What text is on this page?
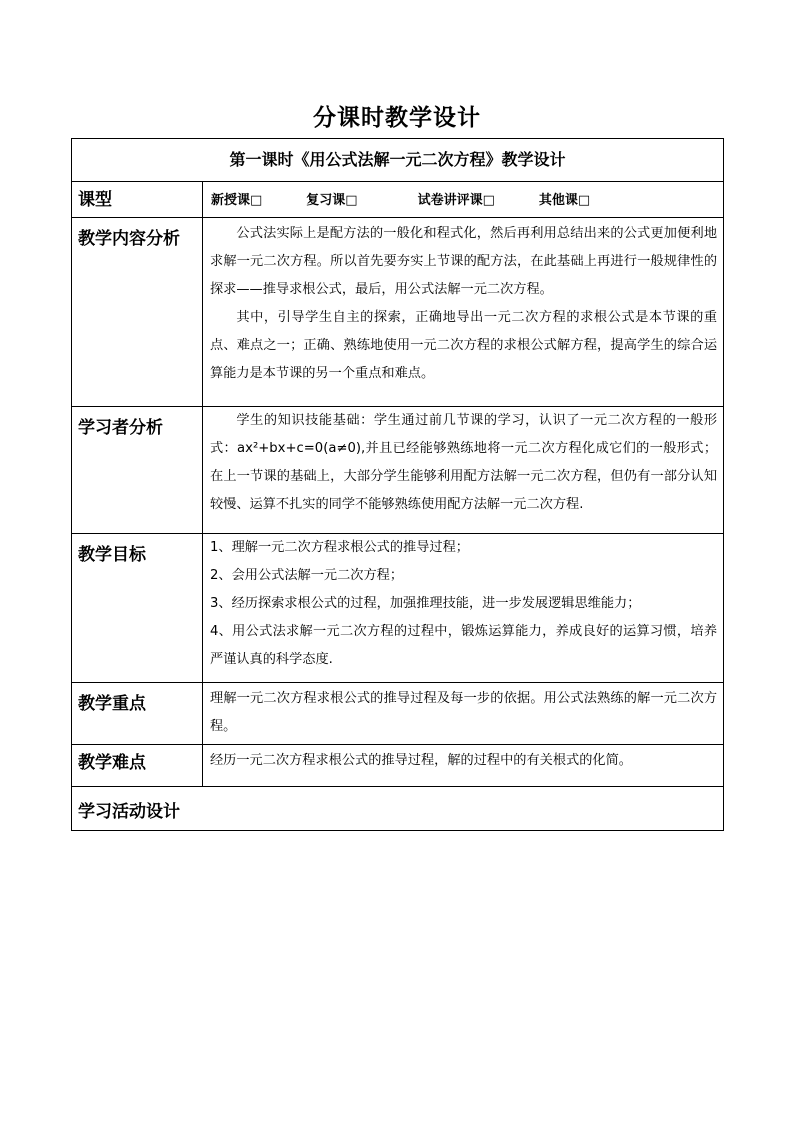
分课时教学设计
第一课时《用公式法解一元二次方程》教学设计	
课型	新授课□ 复习课□ 试卷讲评课□ 其他课□

教学内容分析	公式法实际上是配方法的一般化和程式化，然后再利用总结出来的公式更加便利地求解一元二次方程。所以首先要夯实上节课的配方法，在此基础上再进行一般规律性的探求——推导求根公式，最后，用公式法解一元二次方程。

其中，引导学生自主的探索，正确地导出一元二次方程的求根公式是本节课的重点、难点之一；正确、熟练地使用一元二次方程的求根公式解方程，提高学生的综合运算能力是本节课的另一个重点和难点。

学习者分析	学生的知识技能基础：学生通过前几节课的学习，认识了一元二次方程的一般形式：ax²+bx+c=0(a≠0),并且已经能够熟练地将一元二次方程化成它们的一般形式；在上一节课的基础上，大部分学生能够利用配方法解一元二次方程，但仍有一部分认知较慢、运算不扎实的同学不能够熟练使用配方法解一元二次方程.

教学目标	1、理解一元二次方程求根公式的推导过程；

2、会用公式法解一元二次方程；

3、经历探索求根公式的过程，加强推理技能，进一步发展逻辑思维能力；

4、用公式法求解一元二次方程的过程中，锻炼运算能力，养成良好的运算习惯，培养严谨认真的科学态度.

教学重点	理解一元二次方程求根公式的推导过程及每一步的依据。用公式法熟练的解一元二次方程。

教学难点	经历一元二次方程求根公式的推导过程，解的过程中的有关根式的化简。

学习活动设计	
